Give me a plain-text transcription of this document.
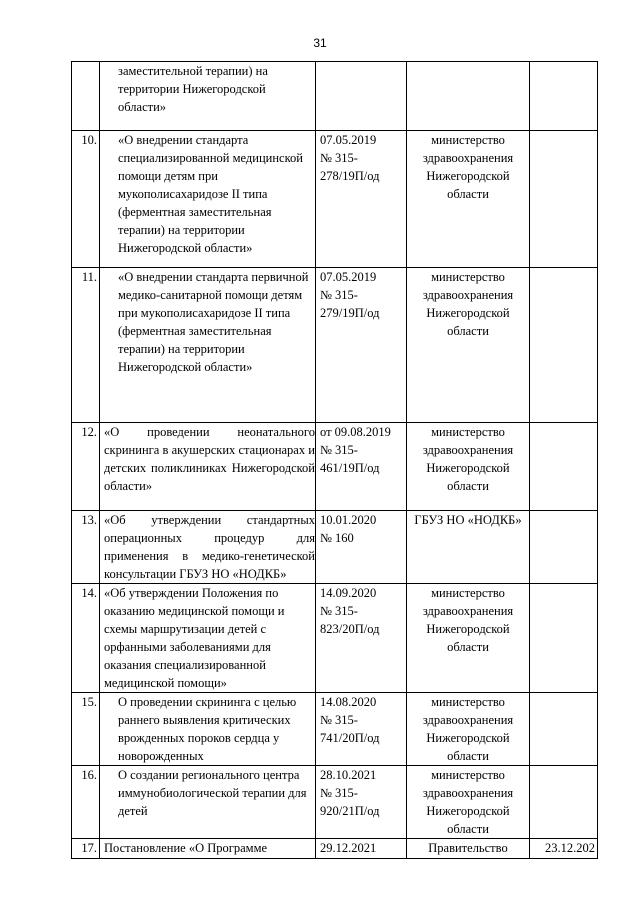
31
	заместительной терапии) на территории Нижегородской области»			
10.	«О внедрении стандарта специализированной медицинской помощи детям при мукополисахаридозе II типа (ферментная заместительная терапии) на территории Нижегородской области»	07.05.2019
№ 315-
278/19П/од	министерство
здравоохранения
Нижегородской
области	
11.	«О внедрении стандарта первичной медико-санитарной помощи детям при мукополисахаридозе II типа (ферментная заместительная терапии) на территории Нижегородской области»	07.05.2019
№ 315-
279/19П/од	министерство
здравоохранения
Нижегородской
области	
12.	«О проведении неонатального скрининга в акушерских стационарах и детских поликлиниках Нижегородской области»	от 09.08.2019
№ 315-
461/19П/од	министерство
здравоохранения
Нижегородской
области	
13.	«Об утверждении стандартных операционных процедур для применения в медико-генетической консультации ГБУЗ НО «НОДКБ»	10.01.2020
№ 160	ГБУЗ НО «НОДКБ»	
14.	«Об утверждении Положения по оказанию медицинской помощи и схемы маршрутизации детей с орфанными заболеваниями для оказания специализированной медицинской помощи»	14.09.2020
№ 315-
823/20П/од	министерство
здравоохранения
Нижегородской
области	
15.	О проведении скрининга с целью раннего выявления критических врожденных пороков сердца у новорожденных	14.08.2020
№ 315-
741/20П/од	министерство
здравоохранения
Нижегородской
области	
16.	О создании регионального центра иммунобиологической терапии для детей	28.10.2021
№ 315-
920/21П/од	министерство
здравоохранения
Нижегородской
области	
17.	Постановление «О Программе	29.12.2021	Правительство	23.12.202
